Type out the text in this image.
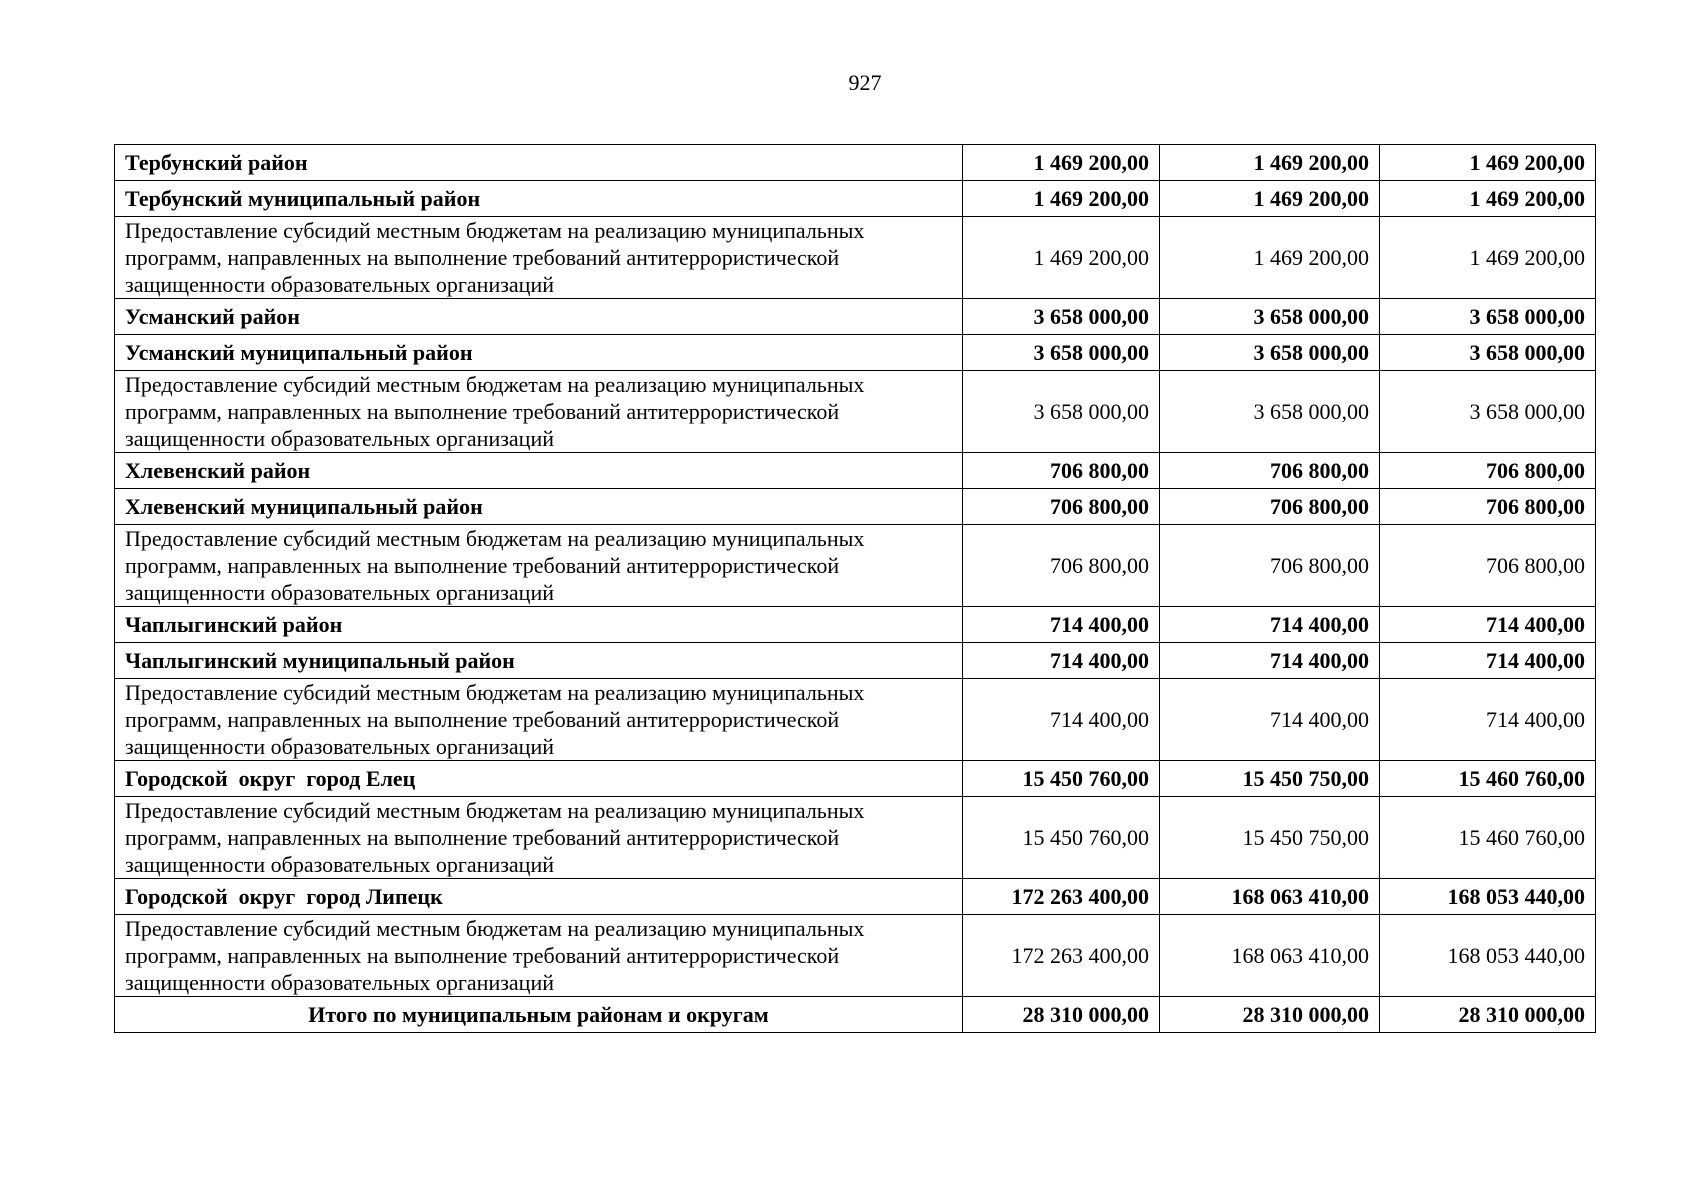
927
Тербунский район	1 469 200,00	1 469 200,00	1 469 200,00
Тербунский муниципальный район	1 469 200,00	1 469 200,00	1 469 200,00
Предоставление субсидий местным бюджетам на реализацию муниципальных программ, направленных на выполнение требований антитеррористической защищенности образовательных организаций	1 469 200,00	1 469 200,00	1 469 200,00
Усманский район	3 658 000,00	3 658 000,00	3 658 000,00
Усманский муниципальный район	3 658 000,00	3 658 000,00	3 658 000,00
Предоставление субсидий местным бюджетам на реализацию муниципальных программ, направленных на выполнение требований антитеррористической защищенности образовательных организаций	3 658 000,00	3 658 000,00	3 658 000,00
Хлевенский район	706 800,00	706 800,00	706 800,00
Хлевенский муниципальный район	706 800,00	706 800,00	706 800,00
Предоставление субсидий местным бюджетам на реализацию муниципальных программ, направленных на выполнение требований антитеррористической защищенности образовательных организаций	706 800,00	706 800,00	706 800,00
Чаплыгинский район	714 400,00	714 400,00	714 400,00
Чаплыгинский муниципальный район	714 400,00	714 400,00	714 400,00
Предоставление субсидий местным бюджетам на реализацию муниципальных программ, направленных на выполнение требований антитеррористической защищенности образовательных организаций	714 400,00	714 400,00	714 400,00
Городской  округ  город Елец	15 450 760,00	15 450 750,00	15 460 760,00
Предоставление субсидий местным бюджетам на реализацию муниципальных программ, направленных на выполнение требований антитеррористической защищенности образовательных организаций	15 450 760,00	15 450 750,00	15 460 760,00
Городской  округ  город Липецк	172 263 400,00	168 063 410,00	168 053 440,00
Предоставление субсидий местным бюджетам на реализацию муниципальных программ, направленных на выполнение требований антитеррористической защищенности образовательных организаций	172 263 400,00	168 063 410,00	168 053 440,00
Итого по муниципальным районам и округам	28 310 000,00	28 310 000,00	28 310 000,00
